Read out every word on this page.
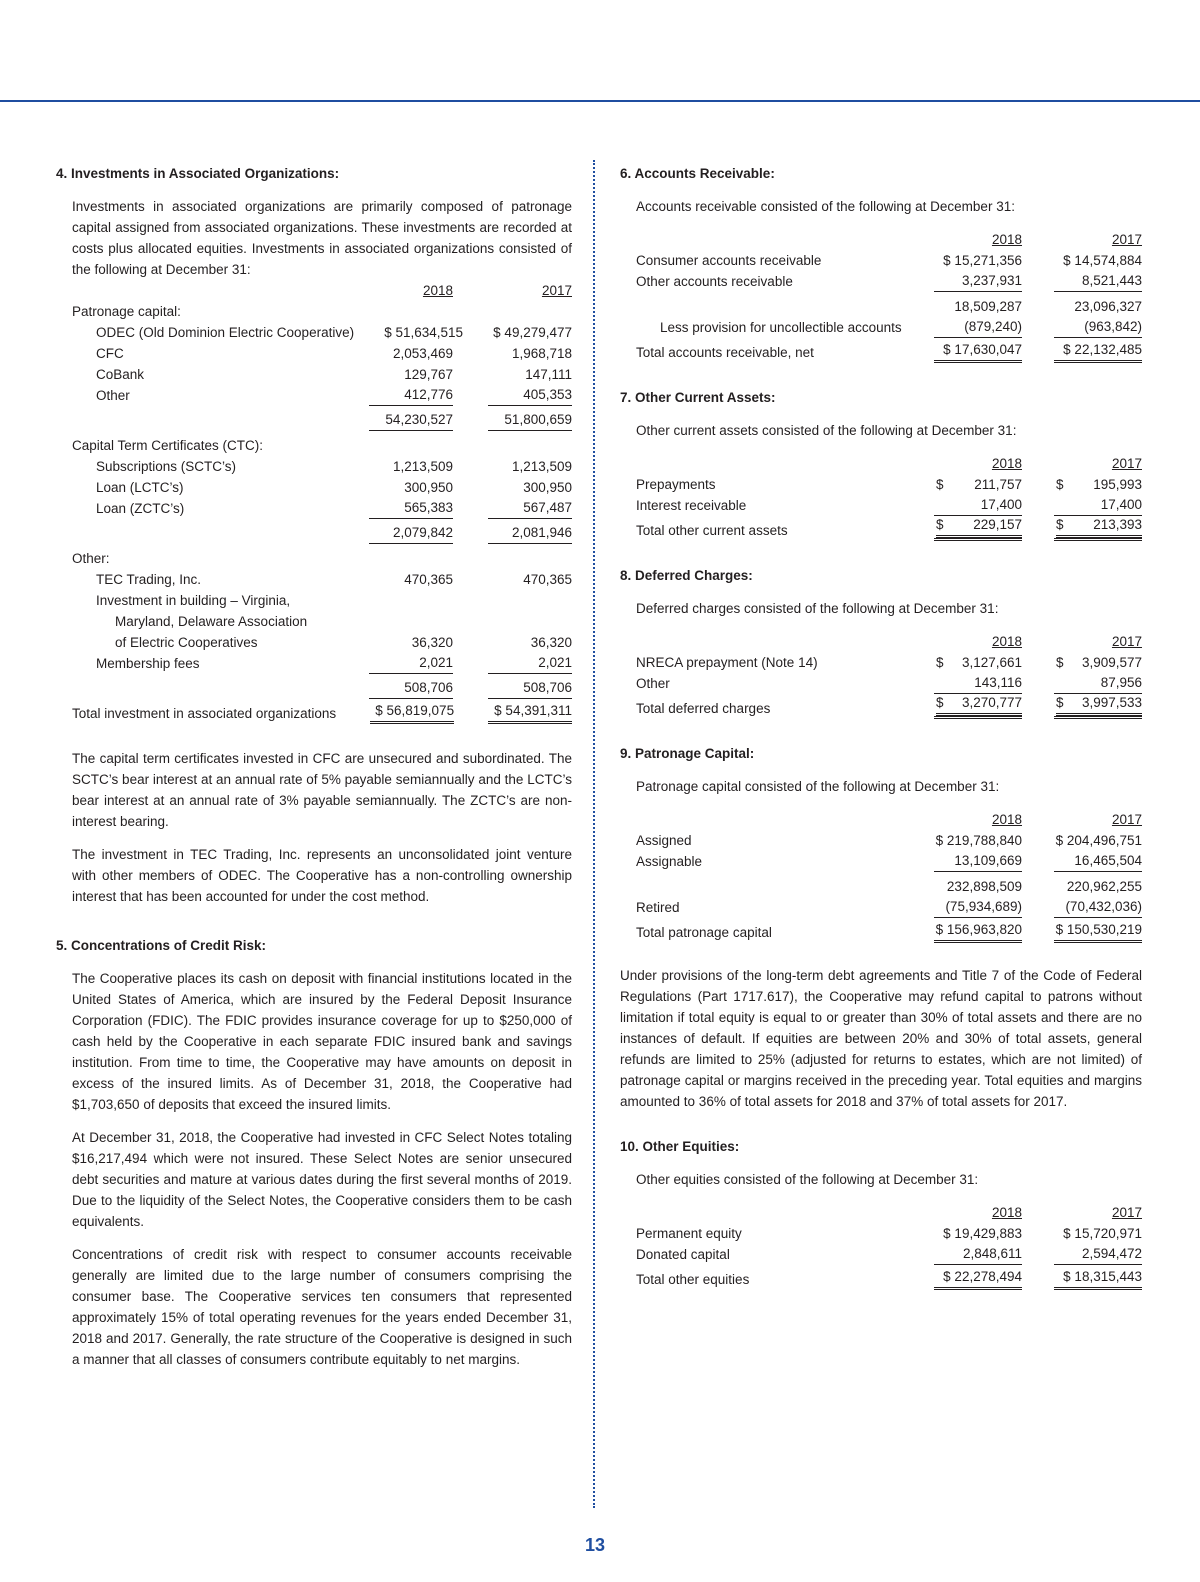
4. Investments in Associated Organizations:

Investments in associated organizations are primarily composed of patronage capital assigned from associated organizations. These investments are recorded at costs plus allocated equities. Investments in associated organizations consisted of the following at December 31:

2018	2017
Patronage capital:
ODEC (Old Dominion Electric Cooperative)	$ 51,634,515	$ 49,279,477
CFC	2,053,469	1,968,718
CoBank	129,767	147,111
Other	412,776	405,353
54,230,527	51,800,659
Capital Term Certificates (CTC):
Subscriptions (SCTC’s)	1,213,509	1,213,509
Loan (LCTC’s)	300,950	300,950
Loan (ZCTC’s)	565,383	567,487
2,079,842	2,081,946
Other:
TEC Trading, Inc.	470,365	470,365
Investment in building – Virginia,
Maryland, Delaware Association
of Electric Cooperatives	36,320	36,320
Membership fees	2,021	2,021
508,706	508,706
Total investment in associated organizations	$ 56,819,075	$ 54,391,311

The capital term certificates invested in CFC are unsecured and subordinated. The SCTC’s bear interest at an annual rate of 5% payable semiannually and the LCTC’s bear interest at an annual rate of 3% payable semiannually. The ZCTC’s are non-interest bearing.

The investment in TEC Trading, Inc. represents an unconsolidated joint venture with other members of ODEC. The Cooperative has a non-controlling ownership interest that has been accounted for under the cost method.

5. Concentrations of Credit Risk:

The Cooperative places its cash on deposit with financial institutions located in the United States of America, which are insured by the Federal Deposit Insurance Corporation (FDIC). The FDIC provides insurance coverage for up to $250,000 of cash held by the Cooperative in each separate FDIC insured bank and savings institution. From time to time, the Cooperative may have amounts on deposit in excess of the insured limits. As of December 31, 2018, the Cooperative had $1,703,650 of deposits that exceed the insured limits.

At December 31, 2018, the Cooperative had invested in CFC Select Notes totaling $16,217,494 which were not insured. These Select Notes are senior unsecured debt securities and mature at various dates during the first several months of 2019. Due to the liquidity of the Select Notes, the Cooperative considers them to be cash equivalents.

Concentrations of credit risk with respect to consumer accounts receivable generally are limited due to the large number of consumers comprising the consumer base. The Cooperative services ten consumers that represented approximately 15% of total operating revenues for the years ended December 31, 2018 and 2017. Generally, the rate structure of the Cooperative is designed in such a manner that all classes of consumers contribute equitably to net margins.

6. Accounts Receivable:

Accounts receivable consisted of the following at December 31:

2018	2017
Consumer accounts receivable	$ 15,271,356	$ 14,574,884
Other accounts receivable	3,237,931	8,521,443
18,509,287	23,096,327
Less provision for uncollectible accounts	(879,240)	(963,842)
Total accounts receivable, net	$ 17,630,047	$ 22,132,485
7. Other Current Assets:

Other current assets consisted of the following at December 31:

2018	2017
Prepayments	$ 211,757	$ 195,993
Interest receivable	17,400	17,400
Total other current assets	$ 229,157	$ 213,393
8. Deferred Charges:

Deferred charges consisted of the following at December 31:

2018	2017
NRECA prepayment (Note 14)	$ 3,127,661	$ 3,909,577
Other	143,116	87,956
Total deferred charges	$ 3,270,777	$ 3,997,533
9. Patronage Capital:

Patronage capital consisted of the following at December 31:

2018	2017
Assigned	$ 219,788,840 $ 204,496,751
Assignable	13,109,669	16,465,504
232,898,509	220,962,255
Retired	(75,934,689)	(70,432,036)
Total patronage capital	$ 156,963,820 $ 150,530,219

Under provisions of the long-term debt agreements and Title 7 of the Code of Federal Regulations (Part 1717.617), the Cooperative may refund capital to patrons without limitation if total equity is equal to or greater than 30% of total assets and there are no instances of default. If equities are between 20% and 30% of total assets, general refunds are limited to 25% (adjusted for returns to estates, which are not limited) of patronage capital or margins received in the preceding year. Total equities and margins amounted to 36% of total assets for 2018 and 37% of total assets for 2017.

10. Other Equities:

Other equities consisted of the following at December 31:

2018	2017
Permanent equity	$ 19,429,883	$ 15,720,971
Donated capital	2,848,611	2,594,472
Total other equities	$ 22,278,494	$ 18,315,443
13
